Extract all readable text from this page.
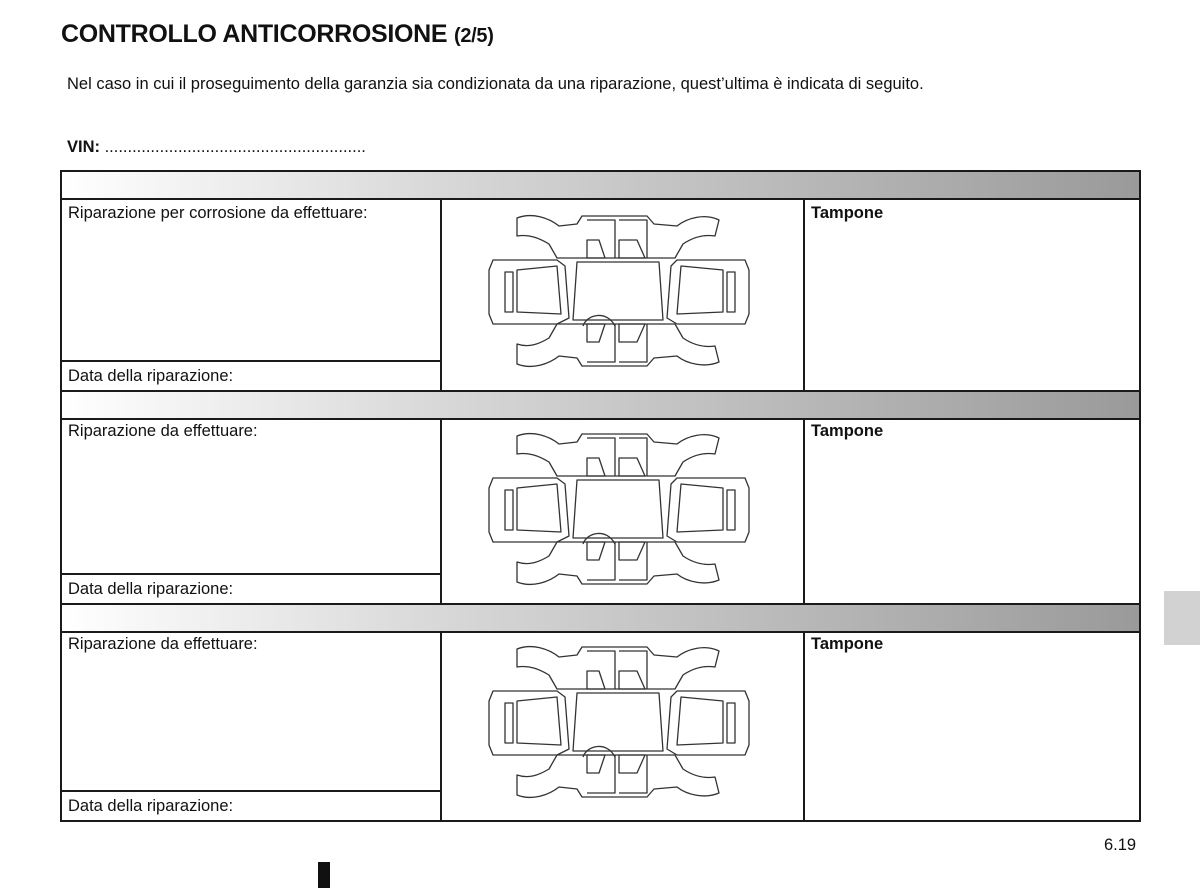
CONTROLLO ANTICORROSIONE (2/5)
Nel caso in cui il proseguimento della garanzia sia condizionata da una riparazione, quest’ultima è indicata di seguito.
VIN: .........................................................
Riparazione per corrosione da effettuare:
Data della riparazione:
Tampone
Riparazione da effettuare:
Data della riparazione:
Tampone
Riparazione da effettuare:
Data della riparazione:
Tampone
6.19
